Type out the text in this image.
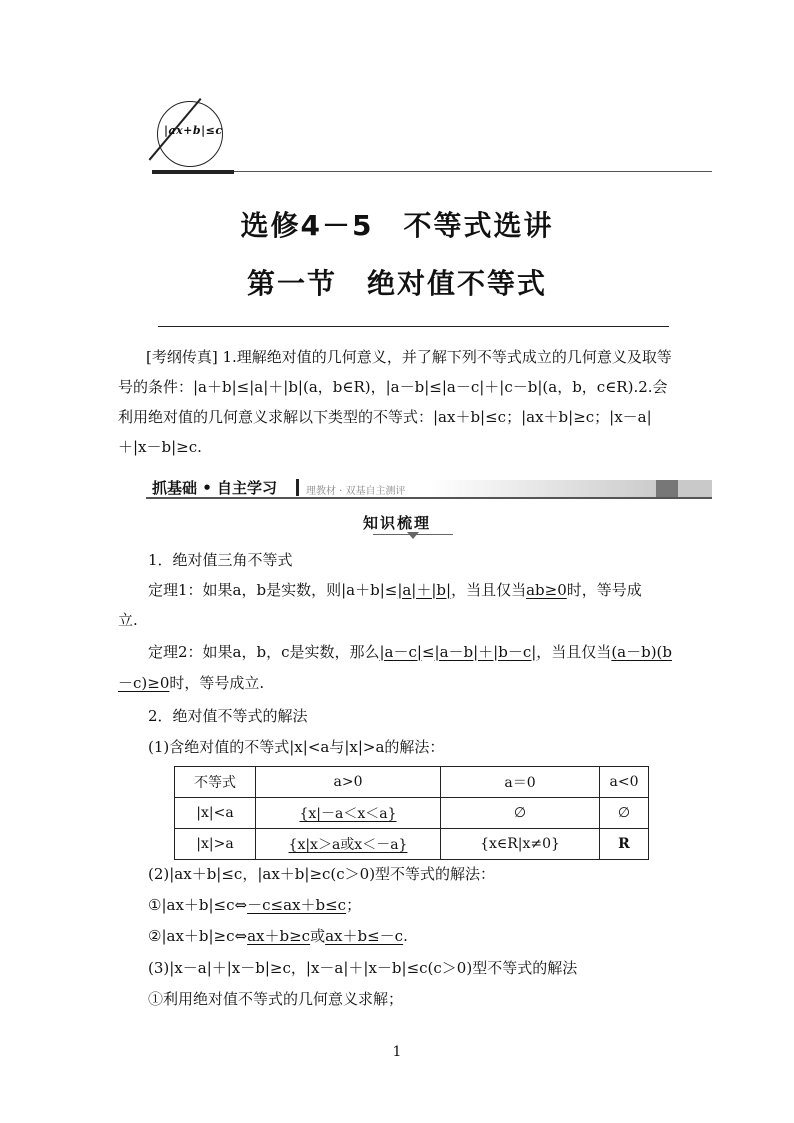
|ax+b|≤c
选修4－5　不等式选讲
第一节　绝对值不等式
[考纲传真] 1.理解绝对值的几何意义，并了解下列不等式成立的几何意义及取等号的条件：|a＋b|≤|a|＋|b|(a，b∈R)，|a－b|≤|a－c|＋|c－b|(a，b，c∈R).2.会利用绝对值的几何意义求解以下类型的不等式：|ax＋b|≤c；|ax＋b|≥c；|x－a|＋|x－b|≥c.
抓基础 • 自主学习	理教材 · 双基自主测评
知识梳理
1．绝对值三角不等式
定理1：如果a，b是实数，则|a＋b|≤|a|＋|b|，当且仅当ab≥0时，等号成
立.
定理2：如果a，b，c是实数，那么|a－c|≤|a－b|＋|b－c|，当且仅当(a－b)(b
－c)≥0时，等号成立.
2．绝对值不等式的解法
(1)含绝对值的不等式|x|<a与|x|>a的解法：
不等式	a>0	a＝0	a<0
|x|<a	{x|－a＜x＜a}	∅	∅
|x|>a	{x|x＞a或x＜－a}	{x∈R|x≠0}	R
(2)|ax＋b|≤c，|ax＋b|≥c(c＞0)型不等式的解法：
①|ax＋b|≤c⇔－c≤ax＋b≤c；
②|ax＋b|≥c⇔ax＋b≥c或ax＋b≤－c.
(3)|x－a|＋|x－b|≥c，|x－a|＋|x－b|≤c(c＞0)型不等式的解法
①利用绝对值不等式的几何意义求解；
1
